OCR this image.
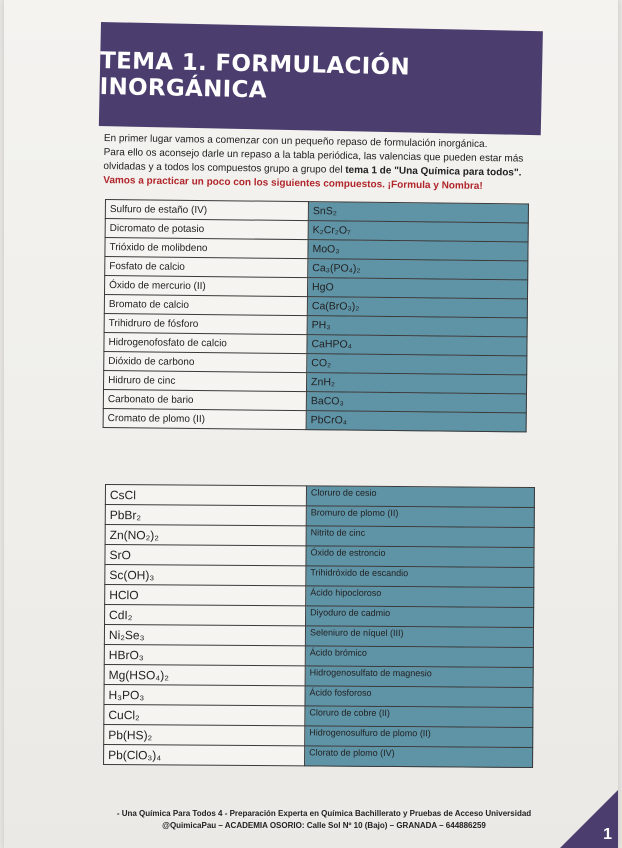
TEMA 1. FORMULACIÓN INORGÁNICA

En primer lugar vamos a comenzar con un pequeño repaso de formulación inorgánica.

Para ello os aconsejo darle un repaso a la tabla periódica, las valencias que pueden estar más olvidadas y a todos los compuestos grupo a grupo del tema 1 de "Una Química para todos".

Vamos a practicar un poco con los siguientes compuestos. ¡Formula y Nombra!

Sulfuro de estaño (IV)	SnS₂
Dicromato de potasio	K₂Cr₂O₇
Trióxido de molibdeno	MoO₃
Fosfato de calcio	Ca₃(PO₄)₂
Óxido de mercurio (II)	HgO
Bromato de calcio	Ca(BrO₃)₂
Trihidruro de fósforo	PH₃
Hidrogenofosfato de calcio	CaHPO₄
Dióxido de carbono	CO₂
Hidruro de cinc	ZnH₂
Carbonato de bario	BaCO₃
Cromato de plomo (II)	PbCrO₄
CsCl	Cloruro de cesio
PbBr₂	Bromuro de plomo (II)
Zn(NO₂)₂	Nitrito de cinc
SrO	Óxido de estroncio
Sc(OH)₃	Trihidróxido de escandio
HClO	Ácido hipocloroso
CdI₂	Diyoduro de cadmio
Ni₂Se₃	Seleniuro de níquel (III)
HBrO₃	Ácido brómico
Mg(HSO₄)₂	Hidrogenosulfato de magnesio
H₃PO₃	Ácido fosforoso
CuCl₂	Cloruro de cobre (II)
Pb(HS)₂	Hidrogenosulfuro de plomo (II)
Pb(ClO₃)₄	Clorato de plomo (IV)
- Una Química Para Todos 4 - Preparación Experta en Química Bachillerato y Pruebas de Acceso Universidad
@QuimicaPau – ACADEMIA OSORIO: Calle Sol Nº 10 (Bajo) – GRANADA – 644886259
1
